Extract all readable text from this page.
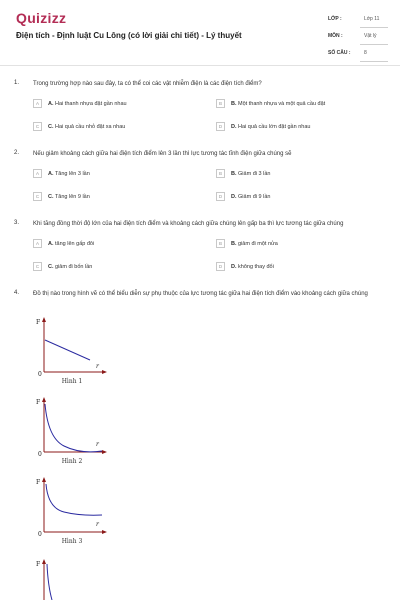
Quizizz
Điện tích - Định luật Cu Lông (có lời giải chi tiết) - Lý thuyết
LỚP :	Lớp 11
MÔN :	Vật lý
SỐ CÂU :	8
1. Trong trường hợp nào sau đây, ta có thể coi các vật nhiễm điện là các điện tích điểm?
A	A. Hai thanh nhựa đặt gần nhau	B	B. Một thanh nhựa và một quả cầu đặt
C	C. Hai quả cầu nhỏ đặt xa nhau	D	D. Hai quả cầu lớn đặt gần nhau
2. Nếu giảm khoảng cách giữa hai điện tích điểm lên 3 lần thì lực tương tác tĩnh điện giữa chúng sẽ
A	A. Tăng lên 3 lần	B	B. Giảm đi 3 lần
C	C. Tăng lên 9 lần	D	D. Giảm đi 9 lần
3. Khi tăng đồng thời độ lớn của hai điện tích điểm và khoảng cách giữa chúng lên gấp ba thì lực tương tác giữa chúng
A	A. tăng lên gấp đôi	B	B. giảm đi một nửa
C	C. giảm đi bốn lần	D	D. không thay đổi
4. Đồ thị nào trong hình vẽ có thể biểu diễn sự phụ thuộc của lực tương tác giữa hai điện tích điểm vào khoảng cách giữa chúng
F
r
0
Hình 1
F
r
0
Hình 2
F
r
0
Hình 3
F
